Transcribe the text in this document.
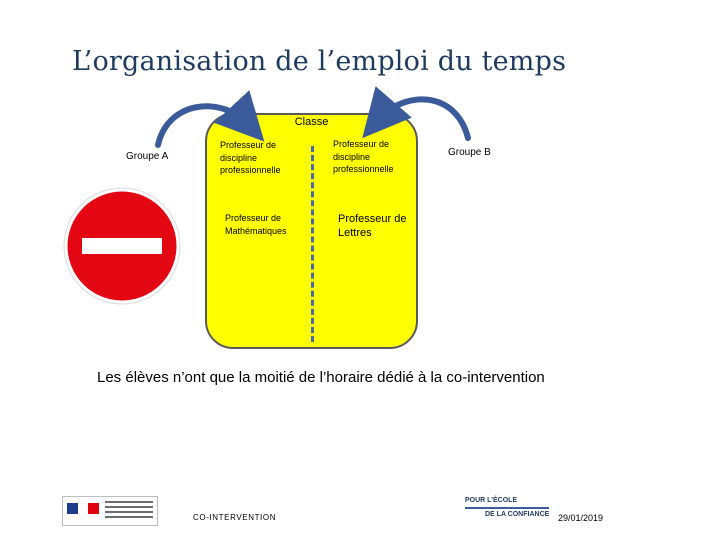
L’organisation de l’emploi du temps
Classe
Professeur de
discipline
professionnelle
Professeur de
discipline
professionnelle
Professeur de
Mathématiques
Professeur de
Lettres
Groupe A	Groupe B
Les élèves n’ont que la moitié de l’horaire dédié à la co-intervention
CO-INTERVENTION
POUR L’ÉCOLE
DE LA CONFIANCE 29/01/2019
